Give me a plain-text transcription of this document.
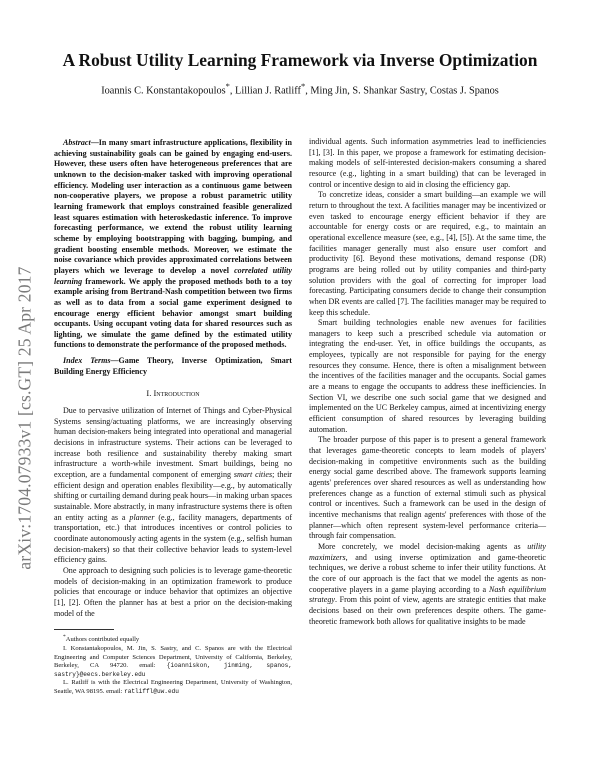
arXiv:1704.07933v1 [cs.GT] 25 Apr 2017
A Robust Utility Learning Framework via Inverse Optimization
Ioannis C. Konstantakopoulos*, Lillian J. Ratliff*, Ming Jin, S. Shankar Sastry, Costas J. Spanos

Abstract—In many smart infrastructure applications, flexibility in achieving sustainability goals can be gained by engaging end-users. However, these users often have heterogeneous preferences that are unknown to the decision-maker tasked with improving operational efficiency. Modeling user interaction as a continuous game between non-cooperative players, we propose a robust parametric utility learning framework that employs constrained feasible generalized least squares estimation with heteroskedastic inference. To improve forecasting performance, we extend the robust utility learning scheme by employing bootstrapping with bagging, bumping, and gradient boosting ensemble methods. Moreover, we estimate the noise covariance which provides approximated correlations between players which we leverage to develop a novel correlated utility learning framework. We apply the proposed methods both to a toy example arising from Bertrand-Nash competition between two firms as well as to data from a social game experiment designed to encourage energy efficient behavior amongst smart building occupants. Using occupant voting data for shared resources such as lighting, we simulate the game defined by the estimated utility functions to demonstrate the performance of the proposed methods.

Index Terms—Game Theory, Inverse Optimization, Smart Building Energy Efficiency

I. Introduction

Due to pervasive utilization of Internet of Things and Cyber-Physical Systems sensing/actuating platforms, we are increasingly observing human decision-makers being integrated into operational and managerial decisions in infrastructure systems. Their actions can be leveraged to increase both resilience and sustainability thereby making smart infrastructure a worth-while investment. Smart buildings, being no exception, are a fundamental component of emerging smart cities; their efficient design and operation enables flexibility—e.g., by automatically shifting or curtailing demand during peak hours—in making urban spaces sustainable. More abstractly, in many infrastructure systems there is often an entity acting as a planner (e.g., facility managers, departments of transportation, etc.) that introduces incentives or control policies to coordinate autonomously acting agents in the system (e.g., selfish human decision-makers) so that their collective behavior leads to system-level efficiency gains.

One approach to designing such policies is to leverage game-theoretic models of decision-making in an optimization framework to produce policies that encourage or induce behavior that optimizes an objective [1], [2]. Often the planner has at best a prior on the decision-making model of the

*Authors contributed equally

I. Konstantakopoulos, M. Jin, S. Sastry, and C. Spanos are with the Electrical Engineering and Computer Sciences Department, University of California, Berkeley, Berkeley, CA 94720. email: {ioanniskon, jinming, spanos, sastry}@eecs.berkeley.edu

L. Ratliff is with the Electrical Engineering Department, University of Washington, Seattle, WA 98195. email: ratliffl@uw.edu

individual agents. Such information asymmetries lead to inefficiencies [1], [3]. In this paper, we propose a framework for estimating decision-making models of self-interested decision-makers consuming a shared resource (e.g., lighting in a smart building) that can be leveraged in control or incentive design to aid in closing the efficiency gap.

To concretize ideas, consider a smart building—an example we will return to throughout the text. A facilities manager may be incentivized or even tasked to encourage energy efficient behavior if they are accountable for energy costs or are required, e.g., to maintain an operational excellence measure (see, e.g., [4], [5]). At the same time, the facilities manager generally must also ensure user comfort and productivity [6]. Beyond these motivations, demand response (DR) programs are being rolled out by utility companies and third-party solution providers with the goal of correcting for improper load forecasting. Participating consumers decide to change their consumption when DR events are called [7]. The facilities manager may be required to keep this schedule.

Smart building technologies enable new avenues for facilities managers to keep such a prescribed schedule via automation or integrating the end-user. Yet, in office buildings the occupants, as employees, typically are not responsible for paying for the energy resources they consume. Hence, there is often a misalignment between the incentives of the facilities manager and the occupants. Social games are a means to engage the occupants to address these inefficiencies. In Section VI, we describe one such social game that we designed and implemented on the UC Berkeley campus, aimed at incentivizing energy efficient consumption of shared resources by leveraging building automation.

The broader purpose of this paper is to present a general framework that leverages game-theoretic concepts to learn models of players' decision-making in competitive environments such as the building energy social game described above. The framework supports learning agents' preferences over shared resources as well as understanding how preferences change as a function of external stimuli such as physical control or incentives. Such a framework can be used in the design of incentive mechanisms that realign agents' preferences with those of the planner—which often represent system-level performance criteria—through fair compensation.

More concretely, we model decision-making agents as utility maximizers, and using inverse optimization and game-theoretic techniques, we derive a robust scheme to infer their utility functions. At the core of our approach is the fact that we model the agents as non-cooperative players in a game playing according to a Nash equilibrium strategy. From this point of view, agents are strategic entities that make decisions based on their own preferences despite others. The game-theoretic framework both allows for qualitative insights to be made
